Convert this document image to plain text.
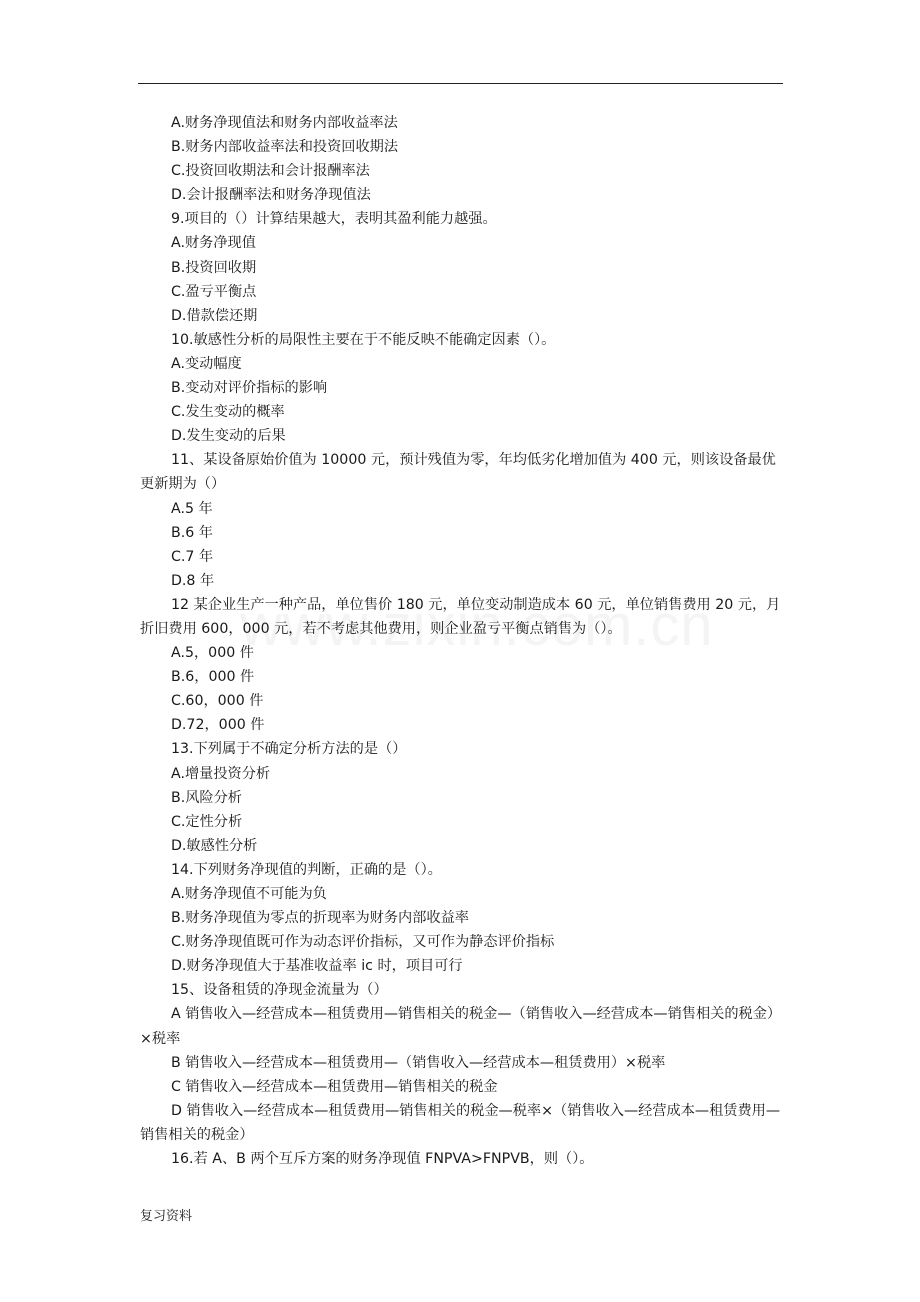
A.财务净现值法和财务内部收益率法
B.财务内部收益率法和投资回收期法
C.投资回收期法和会计报酬率法
D.会计报酬率法和财务净现值法
9.项目的（）计算结果越大，表明其盈利能力越强。
A.财务净现值
B.投资回收期
C.盈亏平衡点
D.借款偿还期
10.敏感性分析的局限性主要在于不能反映不能确定因素（）。
A.变动幅度
B.变动对评价指标的影响
C.发生变动的概率
D.发生变动的后果
11、某设备原始价值为 10000 元，预计残值为零，年均低劣化增加值为 400 元，则该设备最优更新期为（）
A.5 年
B.6 年
C.7 年
D.8 年
12 某企业生产一种产品，单位售价 180 元，单位变动制造成本 60 元，单位销售费用 20 元，月折旧费用 600，000 元，若不考虑其他费用，则企业盈亏平衡点销售为（）。
A.5，000 件
B.6，000 件
C.60，000 件
D.72，000 件
13.下列属于不确定分析方法的是（）
A.增量投资分析
B.风险分析
C.定性分析
D.敏感性分析
14.下列财务净现值的判断，正确的是（）。
A.财务净现值不可能为负
B.财务净现值为零点的折现率为财务内部收益率
C.财务净现值既可作为动态评价指标，又可作为静态评价指标
D.财务净现值大于基准收益率 ic 时，项目可行
15、设备租赁的净现金流量为（）
A 销售收入—经营成本—租赁费用—销售相关的税金—（销售收入—经营成本—销售相关的税金）×税率
B 销售收入—经营成本—租赁费用—（销售收入—经营成本—租赁费用）×税率
C 销售收入—经营成本—租赁费用—销售相关的税金
D 销售收入—经营成本—租赁费用—销售相关的税金—税率×（销售收入—经营成本—租赁费用—销售相关的税金）
16.若 A、B 两个互斥方案的财务净现值 FNPVA>FNPVB，则（）。
复习资料
